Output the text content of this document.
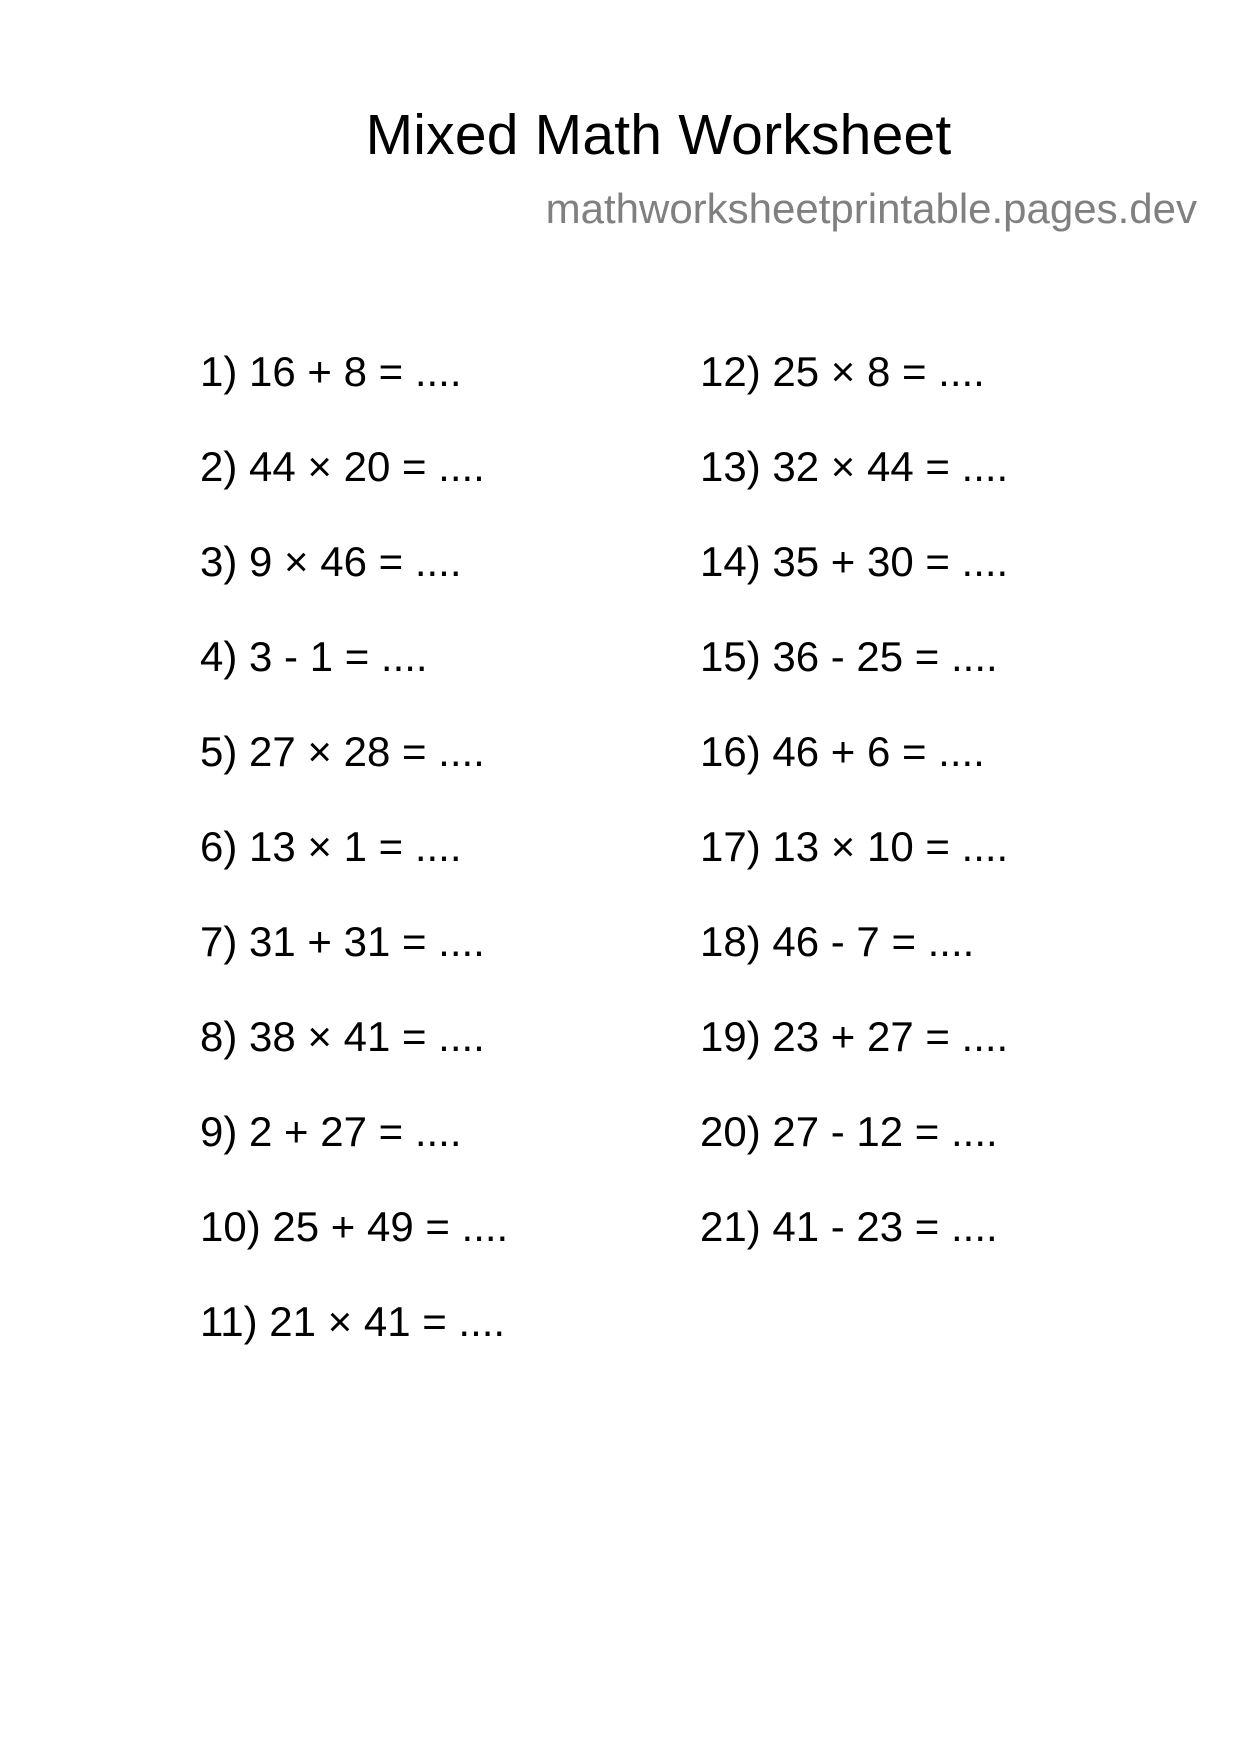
Mixed Math Worksheet
mathworksheetprintable.pages.dev
1) 16 + 8 = ....
2) 44 × 20 = ....
3) 9 × 46 = ....
4) 3 - 1 = ....
5) 27 × 28 = ....
6) 13 × 1 = ....
7) 31 + 31 = ....
8) 38 × 41 = ....
9) 2 + 27 = ....
10) 25 + 49 = ....
11) 21 × 41 = ....
12) 25 × 8 = ....
13) 32 × 44 = ....
14) 35 + 30 = ....
15) 36 - 25 = ....
16) 46 + 6 = ....
17) 13 × 10 = ....
18) 46 - 7 = ....
19) 23 + 27 = ....
20) 27 - 12 = ....
21) 41 - 23 = ....
